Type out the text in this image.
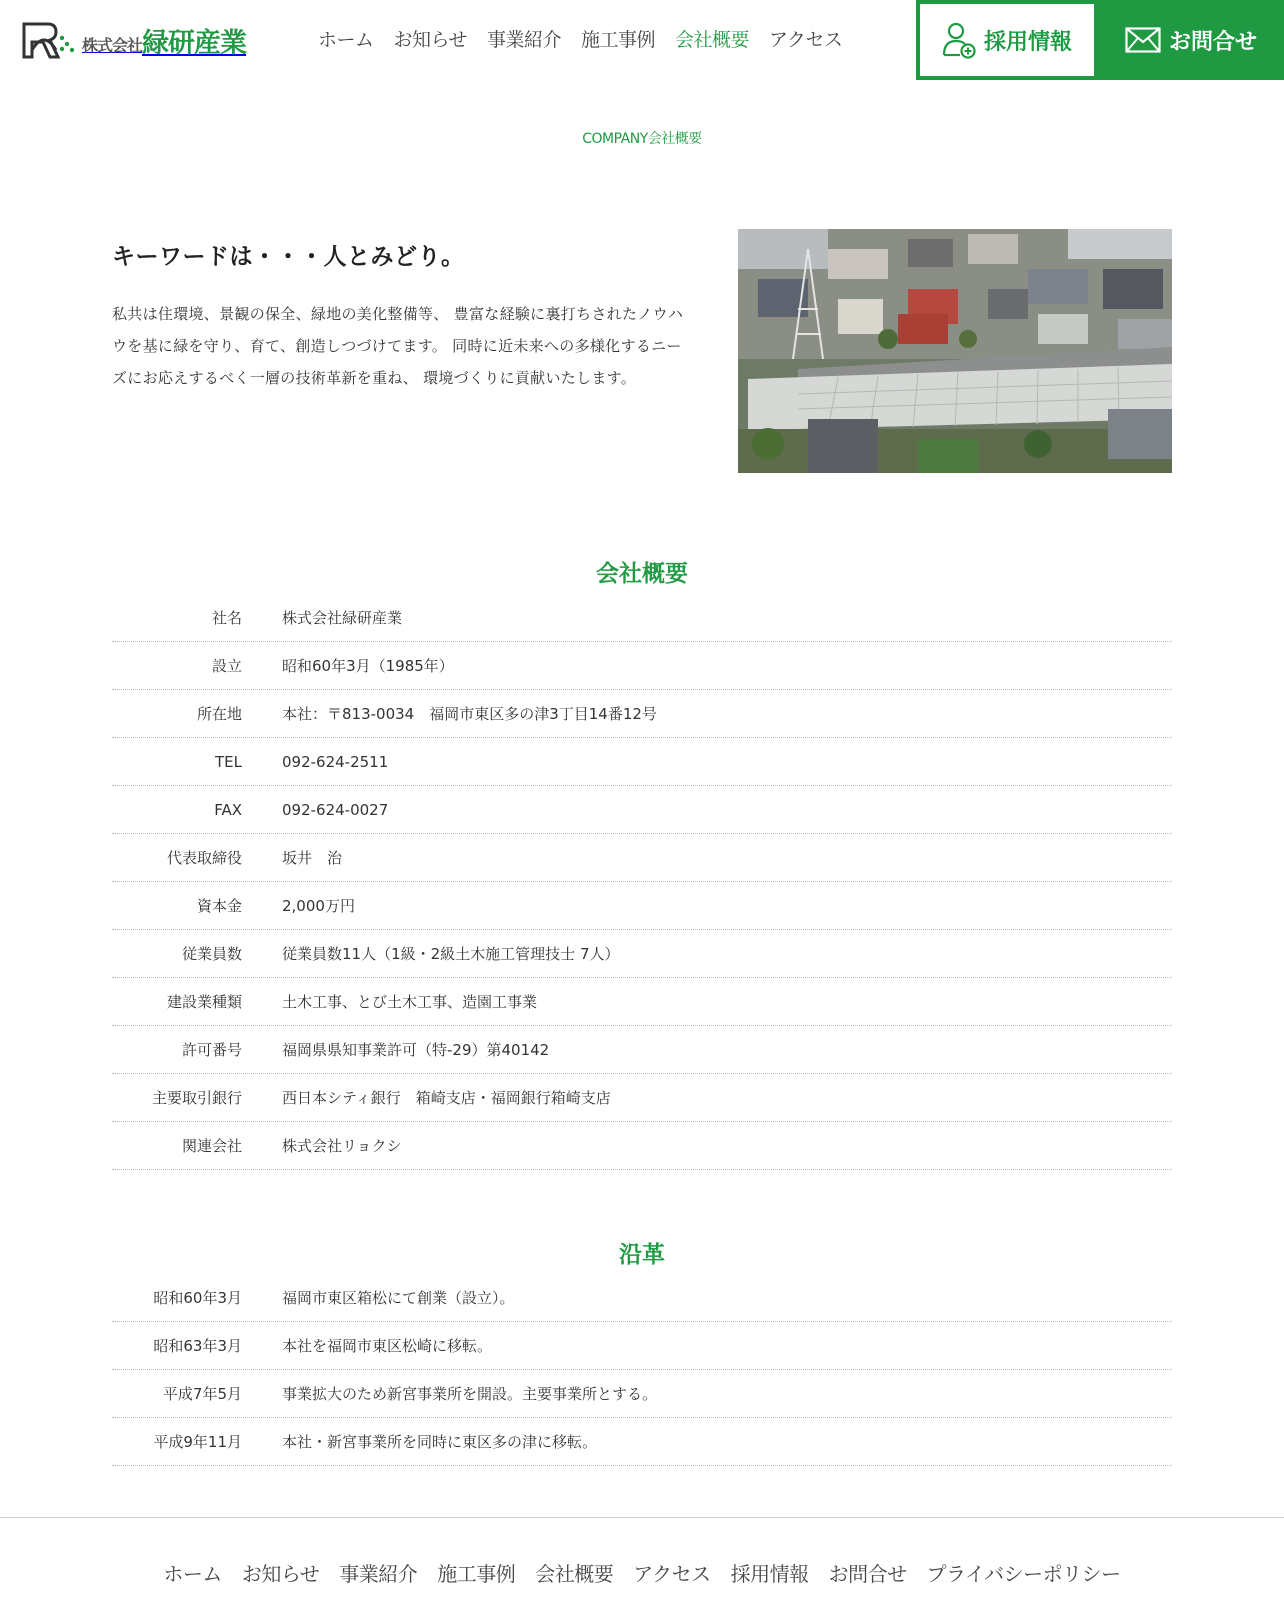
株式会社 緑研産業	ホーム お知らせ 事業紹介 施工事例 会社概要 アクセス	採用情報	お問合せ
COMPANY会社概要
キーワードは・・・人とみどり。

私共は住環境、景観の保全、緑地の美化整備等、 豊富な経験に裏打ちされたノウハウを基に緑を守り、育て、創造しつづけてます。 同時に近未来への多様化するニーズにお応えするべく一層の技術革新を重ね、 環境づくりに貢献いたします。

会社概要
社名	株式会社緑研産業
設立	昭和60年3月（1985年）
所在地	本社：〒813-0034　福岡市東区多の津3丁目14番12号
TEL	092-624-2511
FAX	092-624-0027
代表取締役	坂井　治
資本金	2,000万円
従業員数	従業員数11人（1級・2級土木施工管理技士 7人）
建設業種類	土木工事、とび土木工事、造園工事業
許可番号	福岡県県知事業許可（特-29）第40142
主要取引銀行	西日本シティ銀行　箱崎支店・福岡銀行箱崎支店
関連会社	株式会社リョクシ
沿革
昭和60年3月	福岡市東区箱松にて創業（設立）。
昭和63年3月	本社を福岡市東区松崎に移転。
平成7年5月	事業拡大のため新宮事業所を開設。主要事業所とする。
平成9年11月	本社・新宮事業所を同時に東区多の津に移転。
ホーム お知らせ 事業紹介 施工事例 会社概要 アクセス 採用情報 お問合せ プライバシーポリシー
